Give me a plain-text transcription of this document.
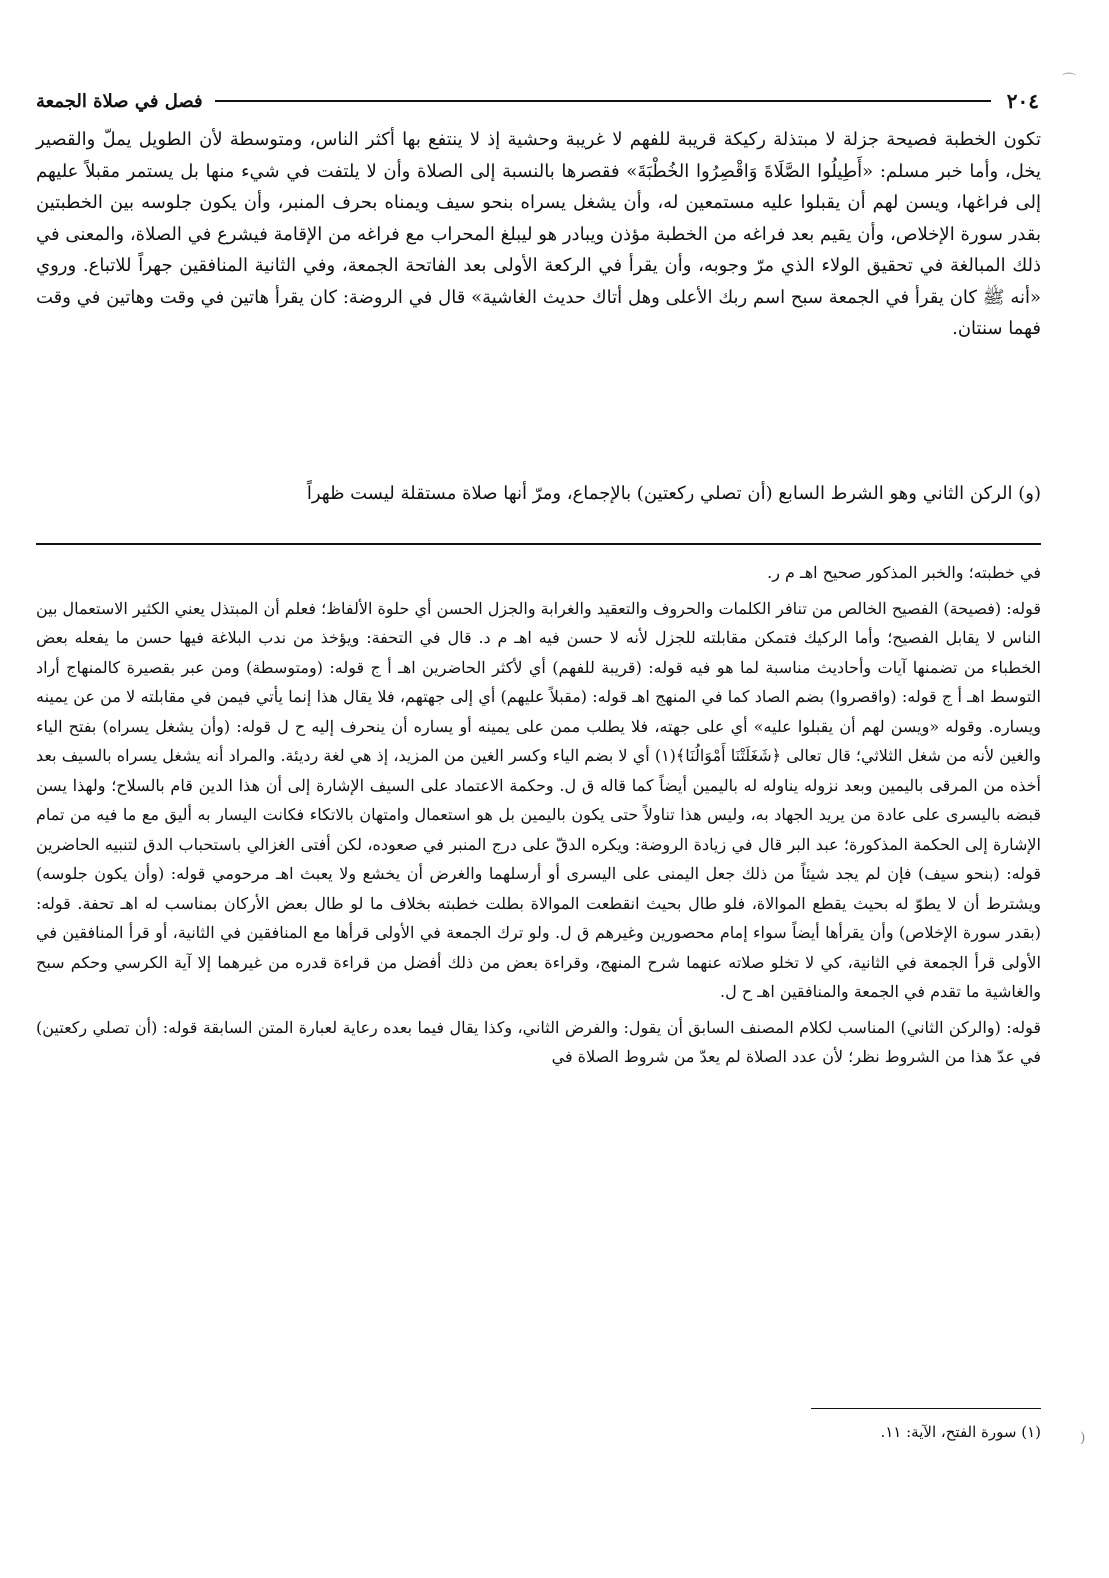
٢٠٤
فصل في صلاة الجمعة

تكون الخطبة فصيحة جزلة لا مبتذلة ركيكة قريبة للفهم لا غريبة وحشية إذ لا ينتفع بها أكثر الناس، ومتوسطة لأن الطويل يملّ والقصير يخل، وأما خبر مسلم: «أَطِيلُوا الصَّلَاةَ وَاقْصِرُوا الخُطْبَةَ» فقصرها بالنسبة إلى الصلاة وأن لا يلتفت في شيء منها بل يستمر مقبلاً عليهم إلى فراغها، ويسن لهم أن يقبلوا عليه مستمعين له، وأن يشغل يسراه بنحو سيف ويمناه بحرف المنبر، وأن يكون جلوسه بين الخطبتين بقدر سورة الإخلاص، وأن يقيم بعد فراغه من الخطبة مؤذن ويبادر هو ليبلغ المحراب مع فراغه من الإقامة فيشرع في الصلاة، والمعنى في ذلك المبالغة في تحقيق الولاء الذي مرّ وجوبه، وأن يقرأ في الركعة الأولى بعد الفاتحة الجمعة، وفي الثانية المنافقين جهراً للاتباع. وروي «أنه ﷺ كان يقرأ في الجمعة سبح اسم ربك الأعلى وهل أتاك حديث الغاشية» قال في الروضة: كان يقرأ هاتين في وقت وهاتين في وقت فهما سنتان.

(و) الركن الثاني وهو الشرط السابع (أن تصلي ركعتين) بالإجماع، ومرّ أنها صلاة مستقلة ليست ظهراً

في خطبته؛ والخبر المذكور صحيح اهـ م ر.

قوله: (فصيحة) الفصيح الخالص من تنافر الكلمات والحروف والتعقيد والغرابة والجزل الحسن أي حلوة الألفاظ؛ فعلم أن المبتذل يعني الكثير الاستعمال بين الناس لا يقابل الفصيح؛ وأما الركيك فتمكن مقابلته للجزل لأنه لا حسن فيه اهـ م د. قال في التحفة: ويؤخذ من ندب البلاغة فيها حسن ما يفعله بعض الخطباء من تضمنها آيات وأحاديث مناسبة لما هو فيه قوله: (قريبة للفهم) أي لأكثر الحاضرين اهـ أ ج قوله: (ومتوسطة) ومن عبر بقصيرة كالمنهاج أراد التوسط اهـ أ ج قوله: (واقصروا) بضم الصاد كما في المنهج اهـ قوله: (مقبلاً عليهم) أي إلى جهتهم، فلا يقال هذا إنما يأتي فيمن في مقابلته لا من عن يمينه ويساره. وقوله «ويسن لهم أن يقبلوا عليه» أي على جهته، فلا يطلب ممن على يمينه أو يساره أن ينحرف إليه ح ل قوله: (وأن يشغل يسراه) بفتح الياء والغين لأنه من شغل الثلاثي؛ قال تعالى ﴿شَغَلَتْنَا أَمْوَالُنَا﴾(١) أي لا بضم الياء وكسر الغين من المزيد، إذ هي لغة رديئة. والمراد أنه يشغل يسراه بالسيف بعد أخذه من المرقى باليمين وبعد نزوله يناوله له باليمين أيضاً كما قاله ق ل. وحكمة الاعتماد على السيف الإشارة إلى أن هذا الدين قام بالسلاح؛ ولهذا يسن قبضه باليسرى على عادة من يريد الجهاد به، وليس هذا تناولاً حتى يكون باليمين بل هو استعمال وامتهان بالاتكاء فكانت اليسار به أليق مع ما فيه من تمام الإشارة إلى الحكمة المذكورة؛ عبد البر قال في زيادة الروضة: ويكره الدقّ على درج المنبر في صعوده، لكن أفتى الغزالي باستحباب الدق لتنبيه الحاضرين قوله: (بنحو سيف) فإن لم يجد شيئاً من ذلك جعل اليمنى على اليسرى أو أرسلهما والغرض أن يخشع ولا يعبث اهـ مرحومي قوله: (وأن يكون جلوسه) ويشترط أن لا يطوّ له بحيث يقطع الموالاة، فلو طال بحيث انقطعت الموالاة بطلت خطبته بخلاف ما لو طال بعض الأركان بمناسب له اهـ تحفة. قوله: (بقدر سورة الإخلاص) وأن يقرأها أيضاً سواء إمام محصورين وغيرهم ق ل. ولو ترك الجمعة في الأولى قرأها مع المنافقين في الثانية، أو قرأ المنافقين في الأولى قرأ الجمعة في الثانية، كي لا تخلو صلاته عنهما شرح المنهج، وقراءة بعض من ذلك أفضل من قراءة قدره من غيرهما إلا آية الكرسي وحكم سبح والغاشية ما تقدم في الجمعة والمنافقين اهـ ح ل.

قوله: (والركن الثاني) المناسب لكلام المصنف السابق أن يقول: والفرض الثاني، وكذا يقال فيما بعده رعاية لعبارة المتن السابقة قوله: (أن تصلي ركعتين) في عدّ هذا من الشروط نظر؛ لأن عدد الصلاة لم يعدّ من شروط الصلاة في

(١) سورة الفتح، الآية: ١١.
⌒
)
